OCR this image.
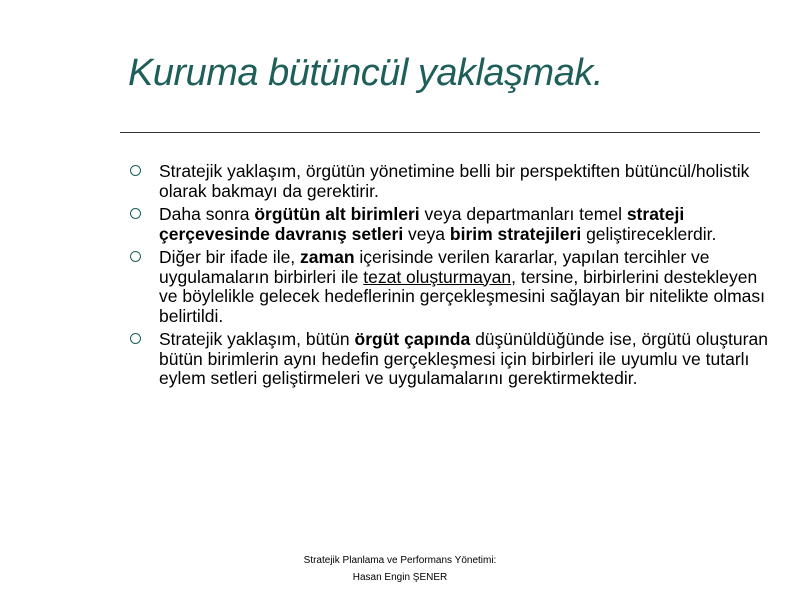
Kuruma bütüncül yaklaşmak.
Stratejik yaklaşım, örgütün yönetimine belli bir perspektiften bütüncül/holistik olarak bakmayı da gerektirir.
Daha sonra örgütün alt birimleri veya departmanları temel strateji çerçevesinde davranış setleri veya birim stratejileri geliştireceklerdir.
Diğer bir ifade ile, zaman içerisinde verilen kararlar, yapılan tercihler ve uygulamaların birbirleri ile tezat oluşturmayan, tersine, birbirlerini destekleyen ve böylelikle gelecek hedeflerinin gerçekleşmesini sağlayan bir nitelikte olması belirtildi.
Stratejik yaklaşım, bütün örgüt çapında düşünüldüğünde ise, örgütü oluşturan bütün birimlerin aynı hedefin gerçekleşmesi için birbirleri ile uyumlu ve tutarlı eylem setleri geliştirmeleri ve uygulamalarını gerektirmektedir.
Stratejik Planlama ve Performans Yönetimi:
Hasan Engin ŞENER
